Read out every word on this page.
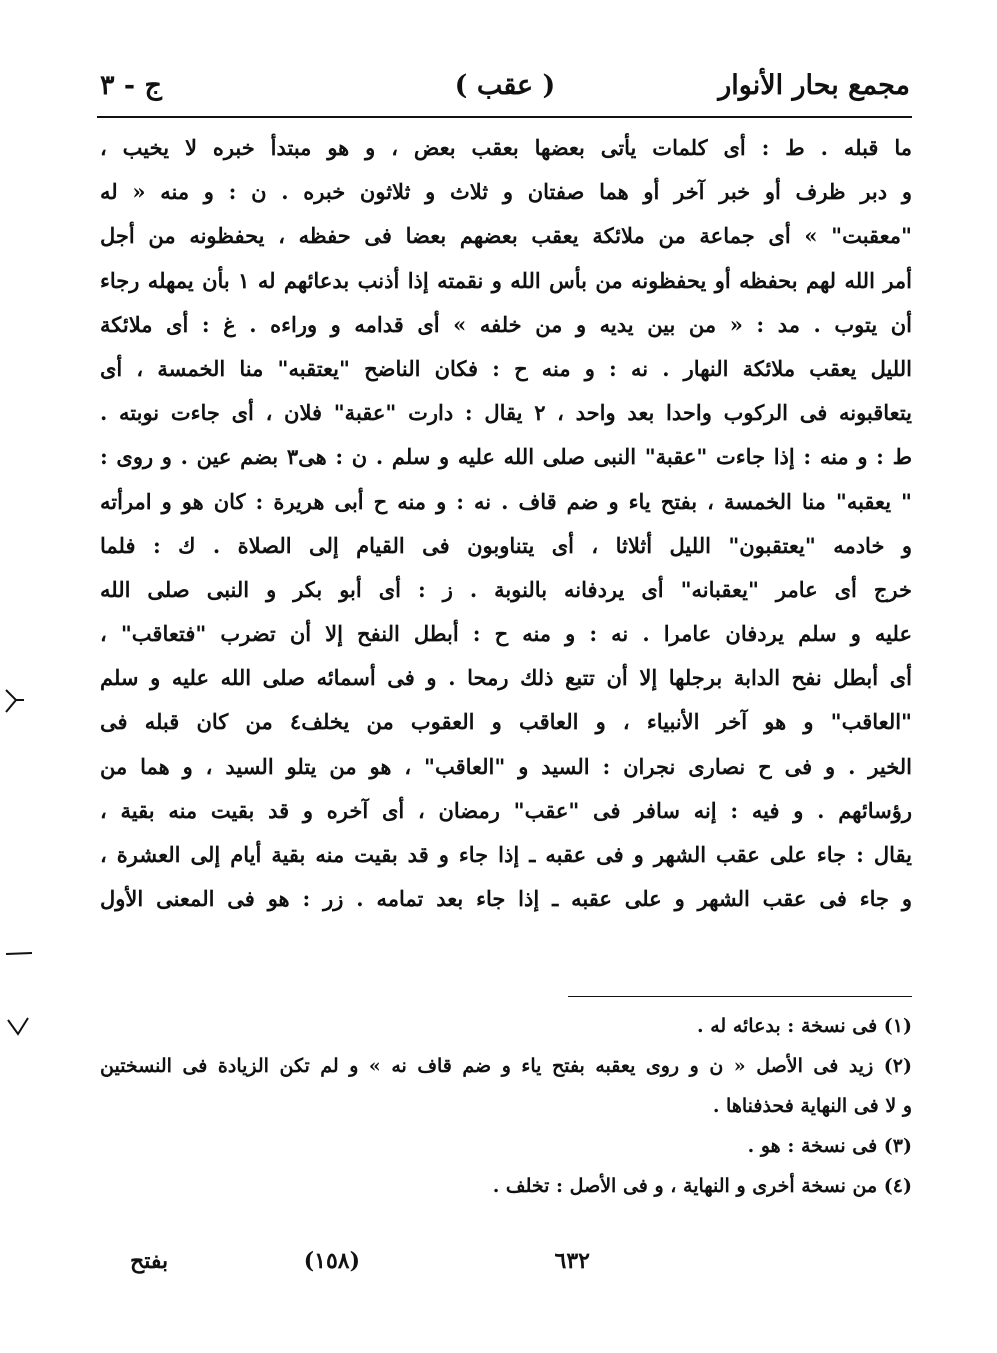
مجمع بحار الأنوار
( عقب )
ج - ٣
ما قبله . ط : أى كلمات يأتى بعضها بعقب بعض ، و هو مبتدأ خبره لا يخيب ،
و دبر ظرف أو خبر آخر أو هما صفتان و ثلاث و ثلاثون خبره . ن : و منه « له
"معقبت" » أى جماعة من ملائكة يعقب بعضهم بعضا فى حفظه ، يحفظونه من أجل
أمر الله لهم بحفظه أو يحفظونه من بأس الله و نقمته إذا أذنب بدعائهم له ١ بأن يمهله رجاء
أن يتوب . مد : « من بين يديه و من خلفه » أى قدامه و وراءه . غ : أى ملائكة
الليل يعقب ملائكة النهار . نه : و منه ح : فكان الناضح "يعتقبه" منا الخمسة ، أى
يتعاقبونه فى الركوب واحدا بعد واحد ، ٢ يقال : دارت "عقبة" فلان ، أى جاءت نوبته .
ط : و منه : إذا جاءت "عقبة" النبى صلى الله عليه و سلم . ن : هى٣ بضم عين . و روى :
" يعقبه" منا الخمسة ، بفتح ياء و ضم قاف . نه : و منه ح أبى هريرة : كان هو و امرأته
و خادمه "يعتقبون" الليل أثلاثا ، أى يتناوبون فى القيام إلى الصلاة . ك : فلما
خرج أى عامر "يعقبانه" أى يردفانه بالنوبة . ز : أى أبو بكر و النبى صلى الله
عليه و سلم يردفان عامرا . نه : و منه ح : أبطل النفح إلا أن تضرب "فتعاقب" ،
أى أبطل نفح الدابة برجلها إلا أن تتبع ذلك رمحا . و فى أسمائه صلى الله عليه و سلم
"العاقب" و هو آخر الأنبياء ، و العاقب و العقوب من يخلف٤ من كان قبله فى
الخير . و فى ح نصارى نجران : السيد و "العاقب" ، هو من يتلو السيد ، و هما من
رؤسائهم . و فيه : إنه سافر فى "عقب" رمضان ، أى آخره و قد بقيت منه بقية ،
يقال : جاء على عقب الشهر و فى عقبه ـ إذا جاء و قد بقيت منه بقية أيام إلى العشرة ،
و جاء فى عقب الشهر و على عقبه ـ إذا جاء بعد تمامه . زر : هو فى المعنى الأول
(١) فى نسخة : بدعائه له .
(٢) زيد فى الأصل « ن و روى يعقبه بفتح ياء و ضم قاف نه » و لم تكن الزيادة فى النسختين
و لا فى النهاية فحذفناها .
(٣) فى نسخة : هو .
(٤) من نسخة أخرى و النهاية ، و فى الأصل : تخلف .
٦٣٢
(١٥٨)
بفتح
